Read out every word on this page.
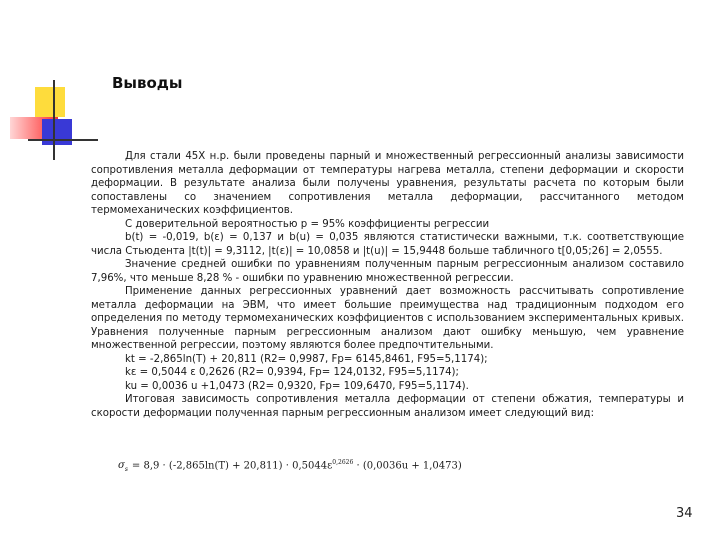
Выводы

Для стали 45Х н.р. были проведены парный и множественный регрессионный анализы зависимости сопротивления металла деформации от температуры нагрева металла, степени деформации и скорости деформации. В результате анализа были получены уравнения, результаты расчета по которым были сопоставлены со значением сопротивления металла деформации, рассчитанного методом термомеханических коэффициентов.

С доверительной вероятностью р = 95% коэффициенты регрессии

b(t) = -0,019, b(ε) = 0,137 и b(u) = 0,035 являются статистически важными, т.к. соответствующие числа Стьюдента |t(t)| = 9,3112, |t(ε)| = 10,0858 и |t(u)| = 15,9448 больше табличного t[0,05;26] = 2,0555.

Значение средней ошибки по уравнениям полученным парным регрессионным анализом составило 7,96%, что меньше 8,28 % - ошибки по уравнению множественной регрессии.

Применение данных регрессионных уравнений дает возможность рассчитывать сопротивление металла деформации на ЭВМ, что имеет большие преимущества над традиционным подходом его определения по методу термомеханических коэффициентов с использованием экспериментальных кривых. Уравнения полученные парным регрессионным анализом дают ошибку меньшую, чем уравнение множественной регрессии, поэтому являются более предпочтительными.

kt = -2,865ln(T) + 20,811 (R2= 0,9987, Fр= 6145,8461, F95=5,1174);

kε = 0,5044 ε 0,2626 (R2= 0,9394, Fр= 124,0132, F95=5,1174);

ku = 0,0036 u +1,0473 (R2= 0,9320, Fр= 109,6470, F95=5,1174).

Итоговая зависимость сопротивления металла деформации от степени обжатия, температуры и скорости деформации полученная парным регрессионным анализом имеет следующий вид:

$\sigma_s = 8,9 \cdot (-2,865\ln(T) + 20,811) \cdot 0,5044\varepsilon^{0,2626} \cdot (0,0036u + 1,0473)$
34
